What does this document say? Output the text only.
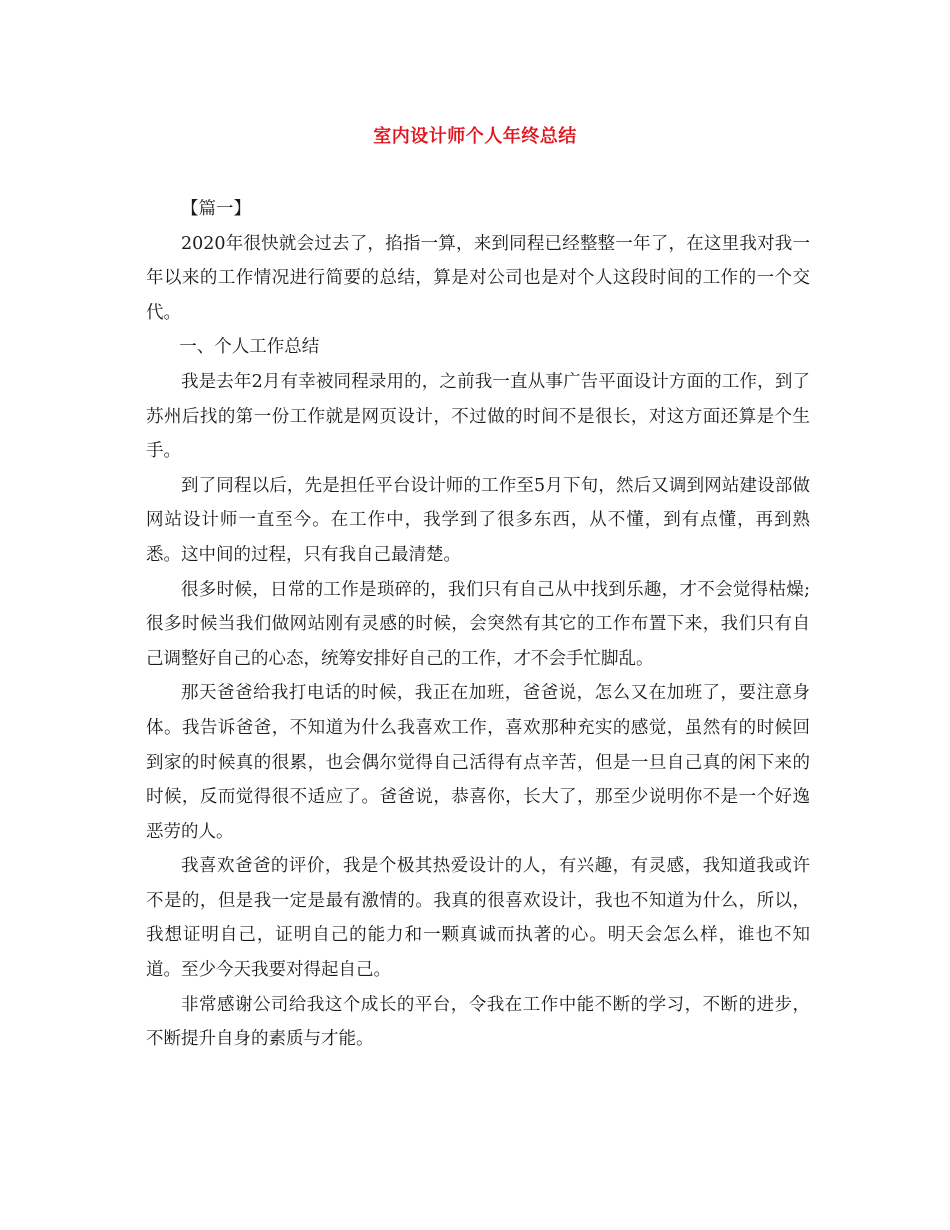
室内设计师个人年终总结

【篇一】

2020年很快就会过去了，掐指一算，来到同程已经整整一年了，在这里我对我一年以来的工作情况进行简要的总结，算是对公司也是对个人这段时间的工作的一个交代。

一、个人工作总结

我是去年2月有幸被同程录用的，之前我一直从事广告平面设计方面的工作，到了苏州后找的第一份工作就是网页设计，不过做的时间不是很长，对这方面还算是个生手。

到了同程以后，先是担任平台设计师的工作至5月下旬，然后又调到网站建设部做网站设计师一直至今。在工作中，我学到了很多东西，从不懂，到有点懂，再到熟悉。这中间的过程，只有我自己最清楚。

很多时候，日常的工作是琐碎的，我们只有自己从中找到乐趣，才不会觉得枯燥;很多时候当我们做网站刚有灵感的时候，会突然有其它的工作布置下来，我们只有自己调整好自己的心态，统筹安排好自己的工作，才不会手忙脚乱。

那天爸爸给我打电话的时候，我正在加班，爸爸说，怎么又在加班了，要注意身体。我告诉爸爸，不知道为什么我喜欢工作，喜欢那种充实的感觉，虽然有的时候回到家的时候真的很累，也会偶尔觉得自己活得有点辛苦，但是一旦自己真的闲下来的时候，反而觉得很不适应了。爸爸说，恭喜你，长大了，那至少说明你不是一个好逸恶劳的人。

我喜欢爸爸的评价，我是个极其热爱设计的人，有兴趣，有灵感，我知道我或许不是的，但是我一定是最有激情的。我真的很喜欢设计，我也不知道为什么，所以，我想证明自己，证明自己的能力和一颗真诚而执著的心。明天会怎么样，谁也不知道。至少今天我要对得起自己。

非常感谢公司给我这个成长的平台，令我在工作中能不断的学习，不断的进步，不断提升自身的素质与才能。
